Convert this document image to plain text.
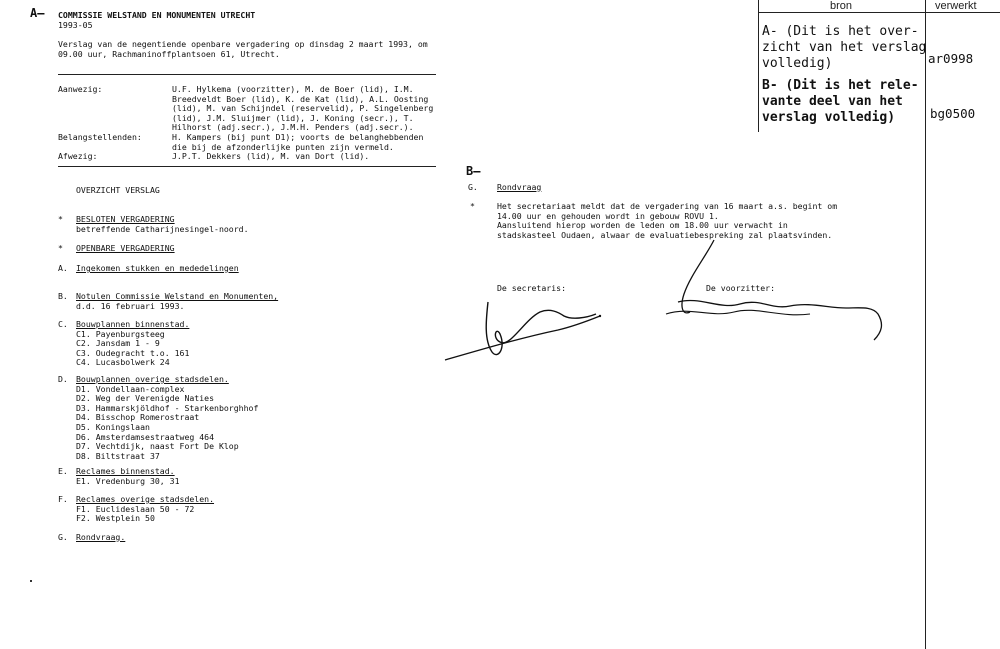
bron	verwerkt
A- (Dit is het over-
zicht van het verslag
volledig)	ar0998
B- (Dit is het rele-
vante deel van het
verslag volledig)	bg0500
A–
B–
COMMISSIE WELSTAND EN MONUMENTEN UTRECHT
1993-05
Verslag van de negentiende openbare vergadering op dinsdag 2 maart 1993, om
09.00 uur, Rachmaninoffplantsoen 61, Utrecht.
Aanwezig:	U.F. Hylkema (voorzitter), M. de Boer (lid), I.M.
Breedveldt Boer (lid), K. de Kat (lid), A.L. Oosting
(lid), M. van Schijndel (reservelid), P. Singelenberg
(lid), J.M. Sluijmer (lid), J. Koning (secr.), T.
Hilhorst (adj.secr.), J.M.H. Penders (adj.secr.).
Belangstellenden:	H. Kampers (bij punt D1); voorts de belanghebbenden
die bij de afzonderlijke punten zijn vermeld.
Afwezig:	J.P.T. Dekkers (lid), M. van Dort (lid).
OVERZICHT VERSLAG
* BESLOTEN VERGADERING
betreffende Catharijnesingel-noord.
* OPENBARE VERGADERING
A. Ingekomen stukken en mededelingen
B. Notulen Commissie Welstand en Monumenten,
d.d. 16 februari 1993.
C. Bouwplannen binnenstad.
C1. Payenburgsteeg
C2. Jansdam 1 - 9
C3. Oudegracht t.o. 161
C4. Lucasbolwerk 24
D. Bouwplannen overige stadsdelen.
D1. Vondellaan-complex
D2. Weg der Verenigde Naties
D3. Hammarskjöldhof - Starkenborghhof
D4. Bisschop Romerostraat
D5. Koningslaan
D6. Amsterdamsestraatweg 464
D7. Vechtdijk, naast Fort De Klop
D8. Biltstraat 37
E. Reclames binnenstad.
E1. Vredenburg 30, 31
F. Reclames overige stadsdelen.
F1. Euclideslaan 50 - 72
F2. Westplein 50
G. Rondvraag.
G. Rondvraag
*	Het secretariaat meldt dat de vergadering van 16 maart a.s. begint om
14.00 uur en gehouden wordt in gebouw ROVU 1.
Aansluitend hierop worden de leden om 18.00 uur verwacht in
stadskasteel Oudaen, alwaar de evaluatiebespreking zal plaatsvinden.
De secretaris:	De voorzitter:
